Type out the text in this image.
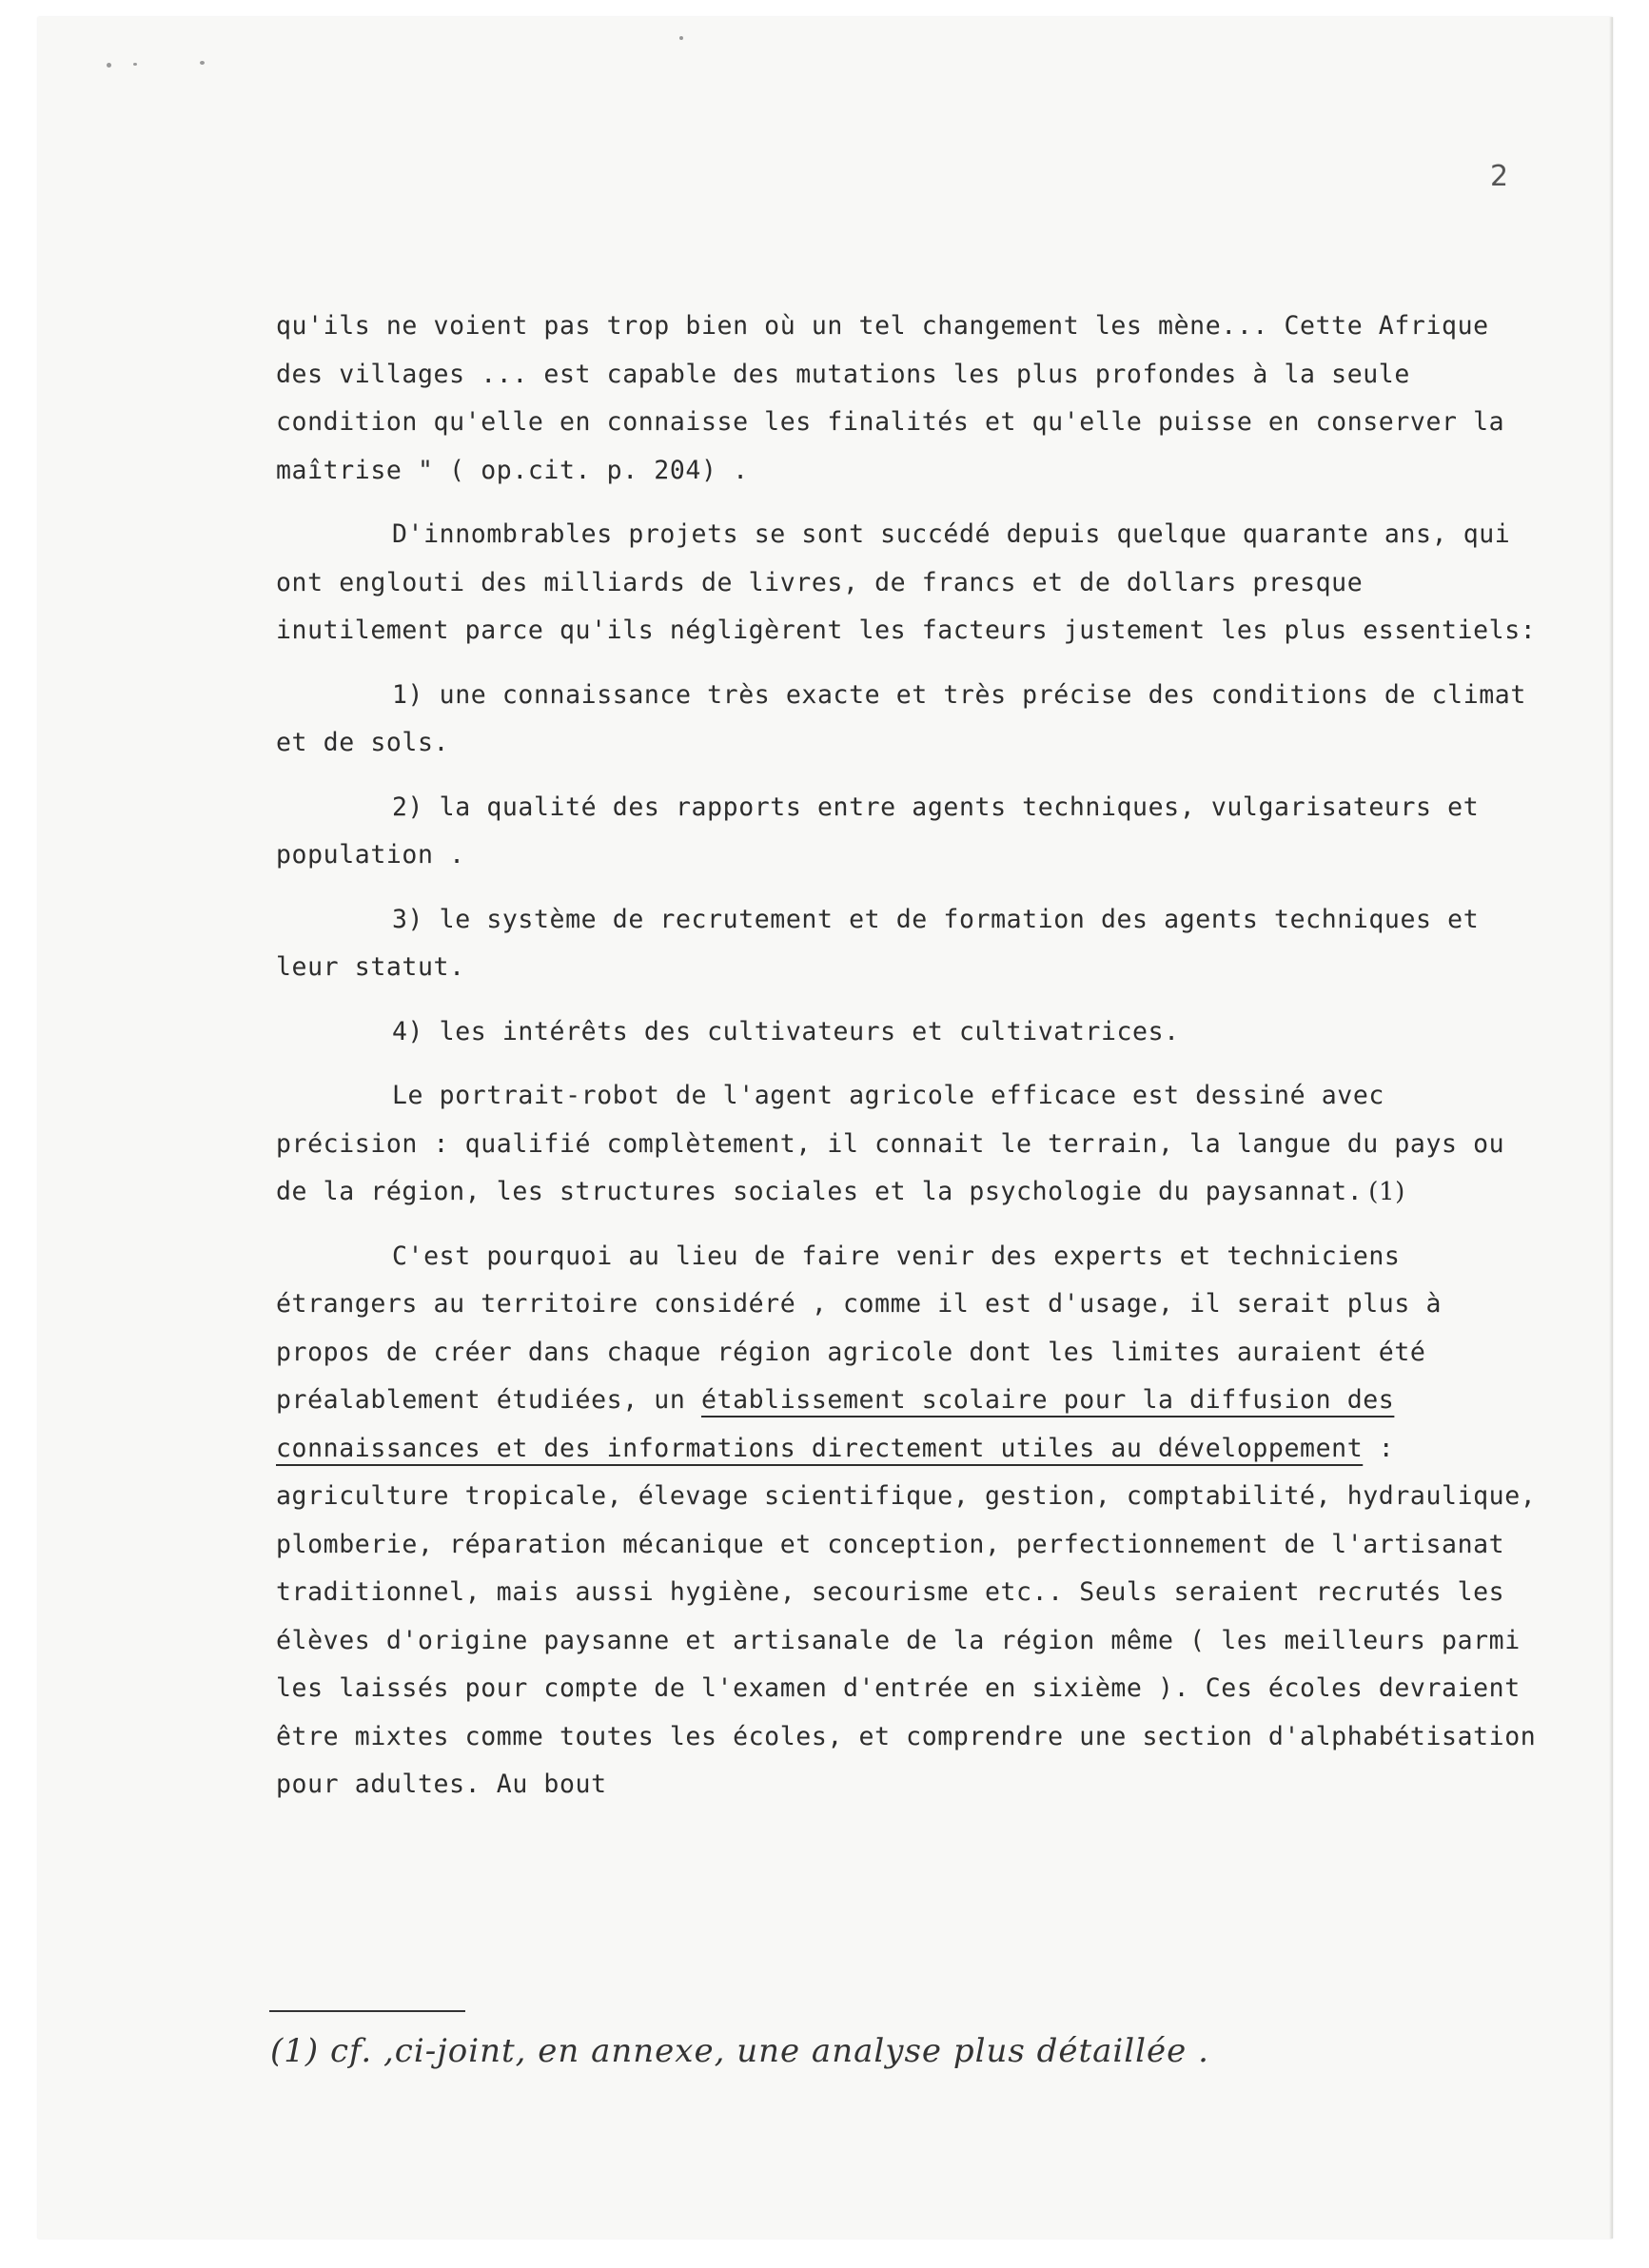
2

qu'ils ne voient pas trop bien où un tel changement les mène... Cette Afrique des villages ... est capable des mutations les plus profondes à la seule condition qu'elle en connaisse les finalités et qu'elle puisse en conserver la maîtrise " ( op.cit. p. 204) .

D'innombrables projets se sont succédé depuis quelque quarante ans, qui ont englouti des milliards de livres, de francs et de dollars presque inutilement parce qu'ils négligèrent les facteurs justement les plus essentiels:

1) une connaissance très exacte et très précise des conditions de climat et de sols.

2) la qualité des rapports entre agents techniques, vulgarisateurs et population .

3) le système de recrutement et de formation des agents techniques et leur statut.

4) les intérêts des cultivateurs et cultivatrices.

Le portrait-robot de l'agent agricole efficace est dessiné avec précision : qualifié complètement, il connait le terrain, la langue du pays ou de la région, les structures sociales et la psychologie du paysannat. (1)

C'est pourquoi au lieu de faire venir des experts et techniciens étrangers au territoire considéré , comme il est d'usage, il serait plus à propos de créer dans chaque région agricole dont les limites auraient été préalablement étudiées, un établissement scolaire pour la diffusion des connaissances et des informations directement utiles au développement : agriculture tropicale, élevage scientifique, gestion, comptabilité, hydraulique, plomberie, réparation mécanique et conception, perfectionnement de l'artisanat traditionnel, mais aussi hygiène, secourisme etc.. Seuls seraient recrutés les élèves d'origine paysanne et artisanale de la région même ( les meilleurs parmi les laissés pour compte de l'examen d'entrée en sixième ). Ces écoles devraient être mixtes comme toutes les écoles, et comprendre une section d'alphabétisation pour adultes. Au bout

(1) cf. ,ci-joint, en annexe, une analyse plus détaillée .
